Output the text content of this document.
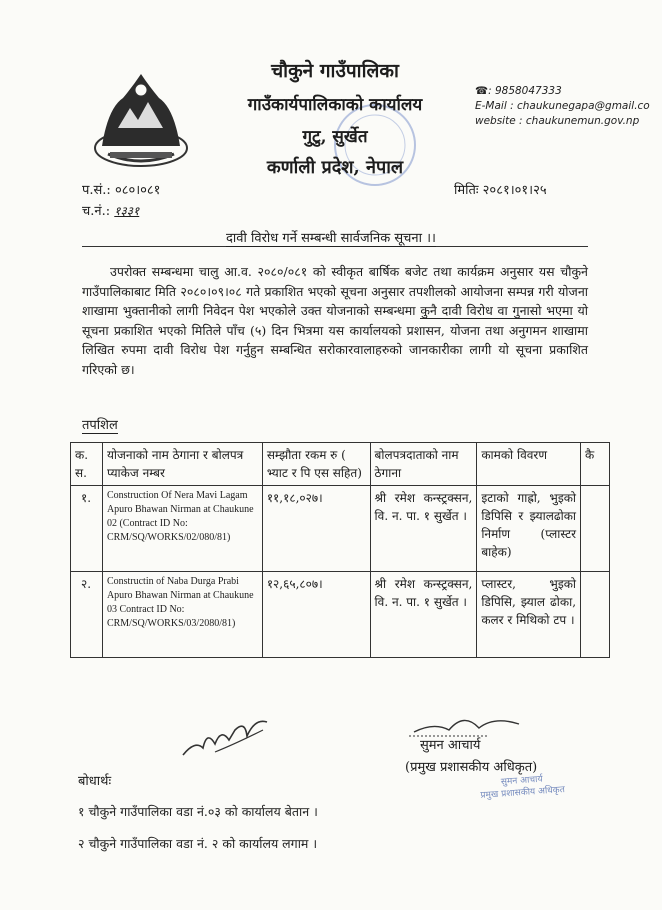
चौकुने गाउँपालिका
गाउँकार्यपालिकाको कार्यालय
गुटु, सुर्खेत
कर्णाली प्रदेश, नेपाल
☎: 9858047333
E-Mail : chaukunegapa@gmail.co
website : chaukunemun.gov.np
प.सं.: ०८०।०८१
च.नं.: १३३१
मितिः २०८१।०१।२५
दावी विरोध गर्ने सम्बन्धी सार्वजनिक सूचना ।।

उपरोक्त सम्बन्धमा चालु आ.व. २०८०/०८१ को स्वीकृत बार्षिक बजेट तथा कार्यक्रम अनुसार यस चौकुने गाउँपालिकाबाट मिति २०८०।०९।०८ गते प्रकाशित भएको सूचना अनुसार तपशीलको आयोजना सम्पन्न गरी योजना शाखामा भुक्तानीको लागी निवेदन पेश भएकोले उक्त योजनाको सम्बन्धमा कुनै दावी विरोध वा गुनासो भएमा यो सूचना प्रकाशित भएको मितिले पाँच (५) दिन भित्रमा यस कार्यालयको प्रशासन, योजना तथा अनुगमन शाखामा लिखित रुपमा दावी विरोध पेश गर्नुहुन सम्बन्धित सरोकारवालाहरुको जानकारीका लागी यो सूचना प्रकाशित गरिएको छ।

तपशिल
क. स.	योजनाको नाम ठेगाना र बोलपत्र प्याकेज नम्बर	सम्झौता रकम रु ( भ्याट र पि एस सहित)	बोलपत्रदाताको नाम ठेगाना	कामको विवरण	कै
१.	Construction Of Nera Mavi Lagam Apuro Bhawan Nirman at Chaukune 02 (Contract ID No: CRM/SQ/WORKS/02/080/81)	११,१८,०२७।	श्री रमेश कन्स्ट्रक्सन, वि. न. पा. १ सुर्खेत ।	इटाको गाह्रो, भुइको डिपिसि र झ्यालढोका निर्माण (प्लास्टर बाहेक)	
२.	Constructin of Naba Durga Prabi Apuro Bhawan Nirman at Chaukune 03 Contract ID No: CRM/SQ/WORKS/03/2080/81)	१२,६५,८०७।	श्री रमेश कन्स्ट्रक्सन, वि. न. पा. १ सुर्खेत ।	प्लास्टर, भुइको डिपिसि, झ्याल ढोका, कलर र मिथिको टप ।	
सुमन आचार्य
(प्रमुख प्रशासकीय अधिकृत)
सुमन आचार्य
प्रमुख प्रशासकीय अधिकृत
बोधार्थः
१ चौकुने गाउँपालिका वडा नं.०३ को कार्यालय बेतान ।
२ चौकुने गाउँपालिका वडा नं. २ को कार्यालय लगाम ।
